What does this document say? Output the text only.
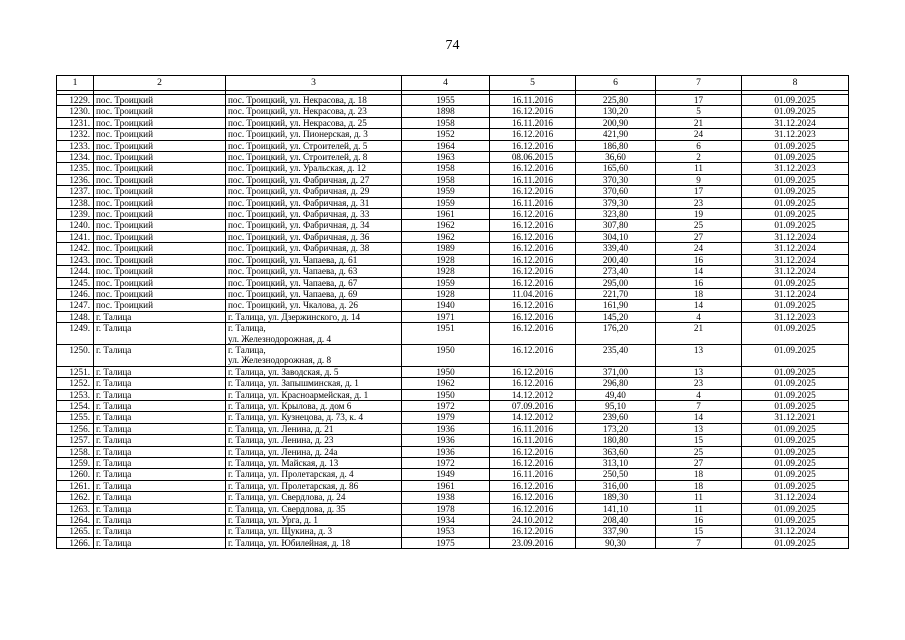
74
1	2	3	4	5	6	7	8

1229.	пос. Троицкий	пос. Троицкий, ул. Некрасова, д. 18	1955	16.11.2016	225,80	17	01.09.2025
1230.	пос. Троицкий	пос. Троицкий, ул. Некрасова, д. 23	1898	16.12.2016	130,20	5	01.09.2025
1231.	пос. Троицкий	пос. Троицкий, ул. Некрасова, д. 25	1958	16.11.2016	200,90	21	31.12.2024
1232.	пос. Троицкий	пос. Троицкий, ул. Пионерская, д. 3	1952	16.12.2016	421,90	24	31.12.2023
1233.	пос. Троицкий	пос. Троицкий, ул. Строителей, д. 5	1964	16.12.2016	186,80	6	01.09.2025
1234.	пос. Троицкий	пос. Троицкий, ул. Строителей, д. 8	1963	08.06.2015	36,60	2	01.09.2025
1235.	пос. Троицкий	пос. Троицкий, ул. Уральская, д. 12	1958	16.12.2016	165,60	11	31.12.2023
1236.	пос. Троицкий	пос. Троицкий, ул. Фабричная, д. 27	1958	16.11.2016	370,30	9	01.09.2025
1237.	пос. Троицкий	пос. Троицкий, ул. Фабричная, д. 29	1959	16.12.2016	370,60	17	01.09.2025
1238.	пос. Троицкий	пос. Троицкий, ул. Фабричная, д. 31	1959	16.11.2016	379,30	23	01.09.2025
1239.	пос. Троицкий	пос. Троицкий, ул. Фабричная, д. 33	1961	16.12.2016	323,80	19	01.09.2025
1240.	пос. Троицкий	пос. Троицкий, ул. Фабричная, д. 34	1962	16.12.2016	307,80	25	01.09.2025
1241.	пос. Троицкий	пос. Троицкий, ул. Фабричная, д. 36	1962	16.12.2016	304,10	27	31.12.2024
1242.	пос. Троицкий	пос. Троицкий, ул. Фабричная, д. 38	1989	16.12.2016	339,40	24	31.12.2024
1243.	пос. Троицкий	пос. Троицкий, ул. Чапаева, д. 61	1928	16.12.2016	200,40	16	31.12.2024
1244.	пос. Троицкий	пос. Троицкий, ул. Чапаева, д. 63	1928	16.12.2016	273,40	14	31.12.2024
1245.	пос. Троицкий	пос. Троицкий, ул. Чапаева, д. 67	1959	16.12.2016	295,00	16	01.09.2025
1246.	пос. Троицкий	пос. Троицкий, ул. Чапаева, д. 69	1928	11.04.2016	221,70	18	31.12.2024
1247.	пос. Троицкий	пос. Троицкий, ул. Чкалова, д. 26	1940	16.12.2016	161,90	14	01.09.2025
1248.	г. Талица	г. Талица, ул. Дзержинского, д. 14	1971	16.12.2016	145,20	4	31.12.2023
1249.	г. Талица	г. Талица,
ул. Железнодорожная, д. 4	1951	16.12.2016	176,20	21	01.09.2025
1250.	г. Талица	г. Талица,
ул. Железнодорожная, д. 8	1950	16.12.2016	235,40	13	01.09.2025
1251.	г. Талица	г. Талица, ул. Заводская, д. 5	1950	16.12.2016	371,00	13	01.09.2025
1252.	г. Талица	г. Талица, ул. Запышминская, д. 1	1962	16.12.2016	296,80	23	01.09.2025
1253.	г. Талица	г. Талица, ул. Красноармейская, д. 1	1950	14.12.2012	49,40	4	01.09.2025
1254.	г. Талица	г. Талица, ул. Крылова, д. дом 6	1972	07.09.2016	95,10	7	01.09.2025
1255.	г. Талица	г. Талица, ул. Кузнецова, д. 73, к. 4	1979	14.12.2012	239,60	14	31.12.2021
1256.	г. Талица	г. Талица, ул. Ленина, д. 21	1936	16.11.2016	173,20	13	01.09.2025
1257.	г. Талица	г. Талица, ул. Ленина, д. 23	1936	16.11.2016	180,80	15	01.09.2025
1258.	г. Талица	г. Талица, ул. Ленина, д. 24а	1936	16.12.2016	363,60	25	01.09.2025
1259.	г. Талица	г. Талица, ул. Майская, д. 13	1972	16.12.2016	313,10	27	01.09.2025
1260.	г. Талица	г. Талица, ул. Пролетарская, д. 4	1949	16.11.2016	250,50	18	01.09.2025
1261.	г. Талица	г. Талица, ул. Пролетарская, д. 86	1961	16.12.2016	316,00	18	01.09.2025
1262.	г. Талица	г. Талица, ул. Свердлова, д. 24	1938	16.12.2016	189,30	11	31.12.2024
1263.	г. Талица	г. Талица, ул. Свердлова, д. 35	1978	16.12.2016	141,10	11	01.09.2025
1264.	г. Талица	г. Талица, ул. Урга, д. 1	1934	24.10.2012	208,40	16	01.09.2025
1265.	г. Талица	г. Талица, ул. Щукина, д. 3	1953	16.12.2016	337,90	15	31.12.2024
1266.	г. Талица	г. Талица, ул. Юбилейная, д. 18	1975	23.09.2016	90,30	7	01.09.2025
